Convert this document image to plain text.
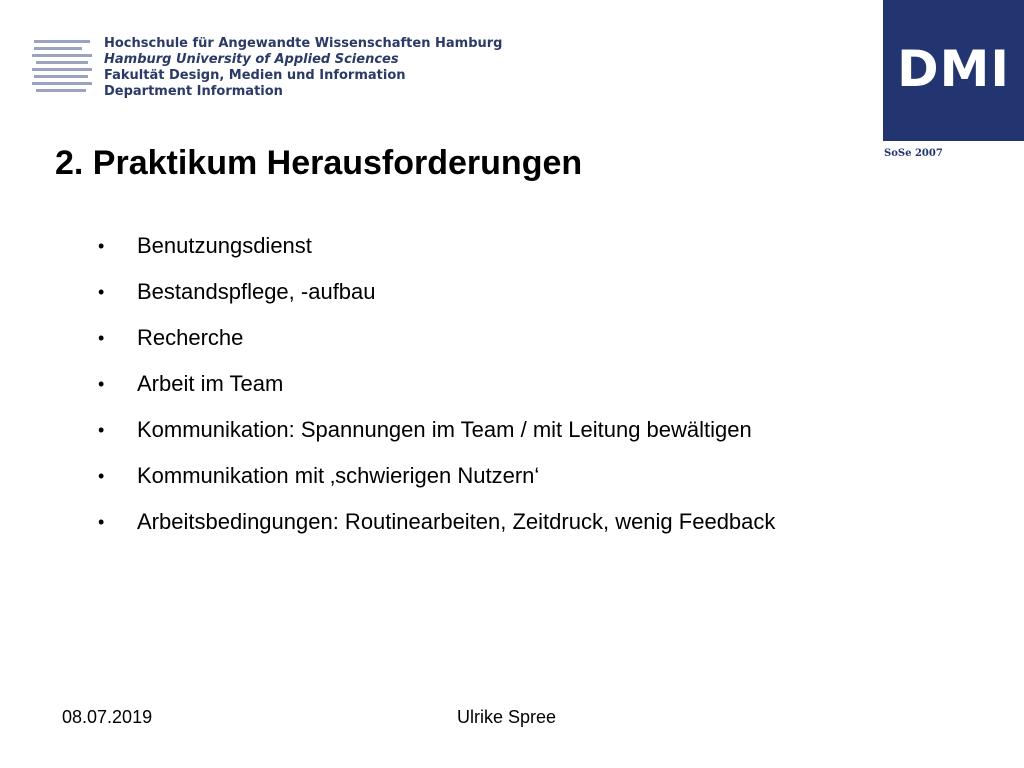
Hochschule für Angewandte Wissenschaften Hamburg
Hamburg University of Applied Sciences
Fakultät Design, Medien und Information
Department Information	DMI
SoSe 2007
2. Praktikum Herausforderungen
•	Benutzungsdienst
•	Bestandspflege, -aufbau
•	Recherche
•	Arbeit im Team
•	Kommunikation: Spannungen im Team / mit Leitung bewältigen
•	Kommunikation mit ‚schwierigen Nutzern‘
•	Arbeitsbedingungen: Routinearbeiten, Zeitdruck, wenig Feedback
08.07.2019	Ulrike Spree
